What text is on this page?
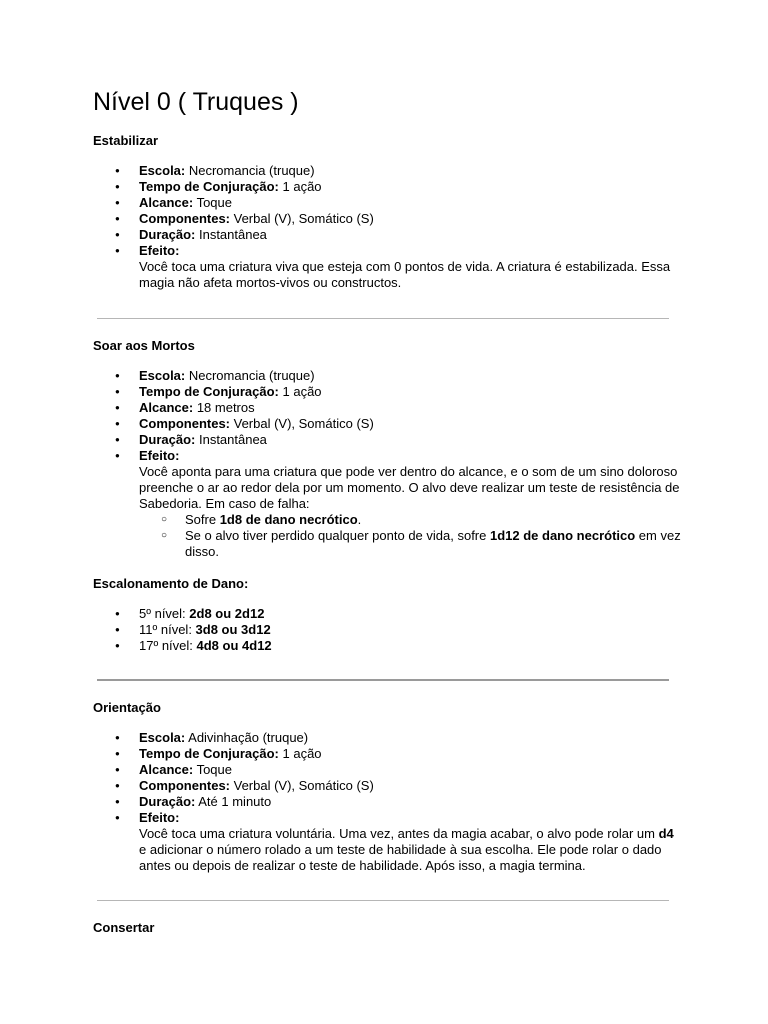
Nível 0 ( Truques )

Estabilizar

● Escola: Necromancia (truque)
● Tempo de Conjuração: 1 ação
● Alcance: Toque
● Componentes: Verbal (V), Somático (S)
● Duração: Instantânea
● Efeito:
Você toca uma criatura viva que esteja com 0 pontos de vida. A criatura é estabilizada. Essa magia não afeta mortos-vivos ou constructos.

Soar aos Mortos

● Escola: Necromancia (truque)
● Tempo de Conjuração: 1 ação
● Alcance: 18 metros
● Componentes: Verbal (V), Somático (S)
● Duração: Instantânea
● Efeito:
Você aponta para uma criatura que pode ver dentro do alcance, e o som de um sino doloroso preenche o ar ao redor dela por um momento. O alvo deve realizar um teste de resistência de Sabedoria. Em caso de falha:
○ Sofre 1d8 de dano necrótico.
○ Se o alvo tiver perdido qualquer ponto de vida, sofre 1d12 de dano necrótico em vez disso.

Escalonamento de Dano:

● 5º nível: 2d8 ou 2d12
● 11º nível: 3d8 ou 3d12
● 17º nível: 4d8 ou 4d12

Orientação

● Escola: Adivinhação (truque)
● Tempo de Conjuração: 1 ação
● Alcance: Toque
● Componentes: Verbal (V), Somático (S)
● Duração: Até 1 minuto
● Efeito:
Você toca uma criatura voluntária. Uma vez, antes da magia acabar, o alvo pode rolar um d4 e adicionar o número rolado a um teste de habilidade à sua escolha. Ele pode rolar o dado antes ou depois de realizar o teste de habilidade. Após isso, a magia termina.

Consertar
